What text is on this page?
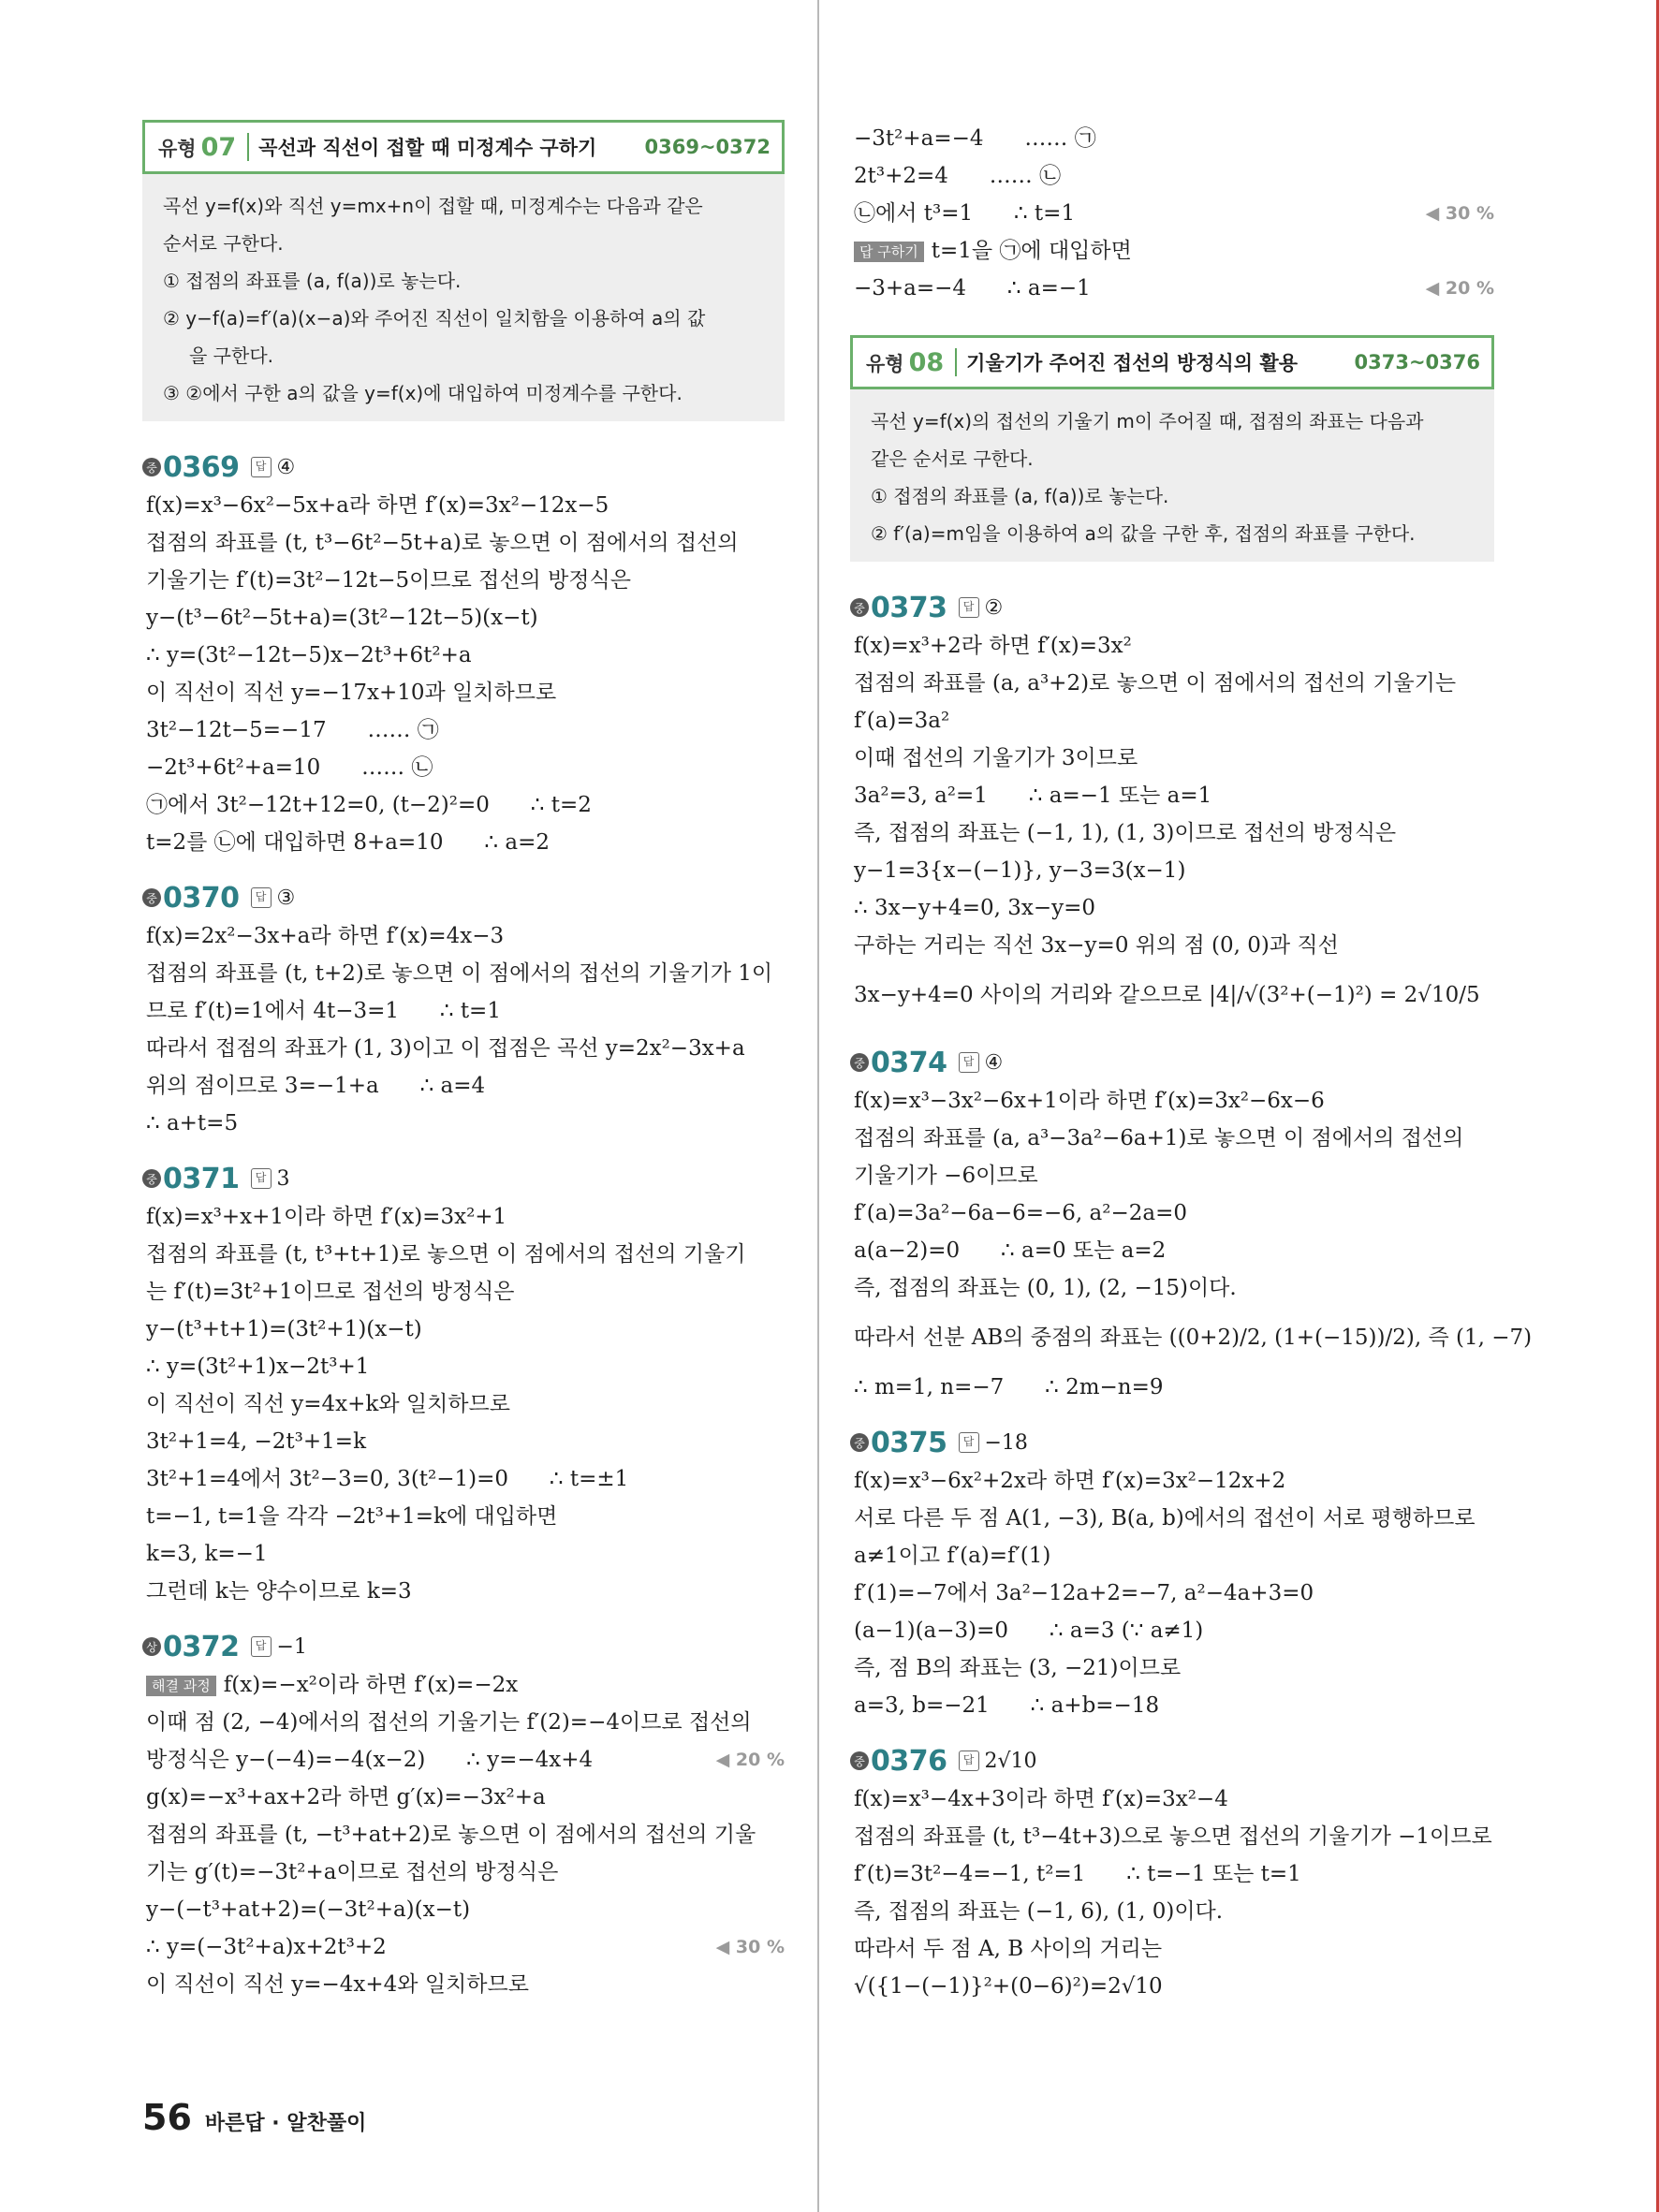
유형 07	곡선과 직선이 접할 때 미정계수 구하기	0369~0372
곡선 y=f(x)와 직선 y=mx+n이 접할 때, 미정계수는 다음과 같은
순서로 구한다.
① 접점의 좌표를 (a, f(a))로 놓는다.
② y−f(a)=f′(a)(x−a)와 주어진 직선이 일치함을 이용하여 a의 값
을 구한다.
③ ②에서 구한 a의 값을 y=f(x)에 대입하여 미정계수를 구한다.
중 0369	답 ④
f(x)=x³−6x²−5x+a라 하면 f′(x)=3x²−12x−5
접점의 좌표를 (t, t³−6t²−5t+a)로 놓으면 이 점에서의 접선의
기울기는 f′(t)=3t²−12t−5이므로 접선의 방정식은
y−(t³−6t²−5t+a)=(3t²−12t−5)(x−t)
∴ y=(3t²−12t−5)x−2t³+6t²+a
이 직선이 직선 y=−17x+10과 일치하므로
3t²−12t−5=−17      …… ㉠
−2t³+6t²+a=10      …… ㉡
㉠에서 3t²−12t+12=0, (t−2)²=0      ∴ t=2
t=2를 ㉡에 대입하면 8+a=10      ∴ a=2
중 0370	답 ③
f(x)=2x²−3x+a라 하면 f′(x)=4x−3
접점의 좌표를 (t, t+2)로 놓으면 이 점에서의 접선의 기울기가 1이
므로 f′(t)=1에서 4t−3=1      ∴ t=1
따라서 접점의 좌표가 (1, 3)이고 이 접점은 곡선 y=2x²−3x+a
위의 점이므로 3=−1+a      ∴ a=4
∴ a+t=5
중 0371	답 3
f(x)=x³+x+1이라 하면 f′(x)=3x²+1
접점의 좌표를 (t, t³+t+1)로 놓으면 이 점에서의 접선의 기울기
는 f′(t)=3t²+1이므로 접선의 방정식은
y−(t³+t+1)=(3t²+1)(x−t)
∴ y=(3t²+1)x−2t³+1
이 직선이 직선 y=4x+k와 일치하므로
3t²+1=4, −2t³+1=k
3t²+1=4에서 3t²−3=0, 3(t²−1)=0      ∴ t=±1
t=−1, t=1을 각각 −2t³+1=k에 대입하면
k=3, k=−1
그런데 k는 양수이므로 k=3
상 0372	답 −1
해결 과정 f(x)=−x²이라 하면 f′(x)=−2x
이때 점 (2, −4)에서의 접선의 기울기는 f′(2)=−4이므로 접선의
◀ 20 %
방정식은 y−(−4)=−4(x−2)      ∴ y=−4x+4
g(x)=−x³+ax+2라 하면 g′(x)=−3x²+a
접점의 좌표를 (t, −t³+at+2)로 놓으면 이 점에서의 접선의 기울
기는 g′(t)=−3t²+a이므로 접선의 방정식은
y−(−t³+at+2)=(−3t²+a)(x−t)
◀ 30 %
∴ y=(−3t²+a)x+2t³+2
이 직선이 직선 y=−4x+4와 일치하므로
−3t²+a=−4      …… ㉠
2t³+2=4      …… ㉡
◀ 30 %
㉡에서 t³=1      ∴ t=1
답 구하기 t=1을 ㉠에 대입하면
◀ 20 %
−3+a=−4      ∴ a=−1
유형 08	기울기가 주어진 접선의 방정식의 활용	0373~0376
곡선 y=f(x)의 접선의 기울기 m이 주어질 때, 접점의 좌표는 다음과
같은 순서로 구한다.
① 접점의 좌표를 (a, f(a))로 놓는다.
② f′(a)=m임을 이용하여 a의 값을 구한 후, 접점의 좌표를 구한다.
중 0373	답 ②
f(x)=x³+2라 하면 f′(x)=3x²
접점의 좌표를 (a, a³+2)로 놓으면 이 점에서의 접선의 기울기는
f′(a)=3a²
이때 접선의 기울기가 3이므로
3a²=3, a²=1      ∴ a=−1 또는 a=1
즉, 접점의 좌표는 (−1, 1), (1, 3)이므로 접선의 방정식은
y−1=3{x−(−1)}, y−3=3(x−1)
∴ 3x−y+4=0, 3x−y=0
구하는 거리는 직선 3x−y=0 위의 점 (0, 0)과 직선
3x−y+4=0 사이의 거리와 같으므로 |4|/√(3²+(−1)²) = 2√10/5
중 0374	답 ④
f(x)=x³−3x²−6x+1이라 하면 f′(x)=3x²−6x−6
접점의 좌표를 (a, a³−3a²−6a+1)로 놓으면 이 점에서의 접선의
기울기가 −6이므로
f′(a)=3a²−6a−6=−6, a²−2a=0
a(a−2)=0      ∴ a=0 또는 a=2
즉, 접점의 좌표는 (0, 1), (2, −15)이다.
따라서 선분 AB의 중점의 좌표는 ((0+2)/2, (1+(−15))/2), 즉 (1, −7)
∴ m=1, n=−7      ∴ 2m−n=9
중 0375	답 −18
f(x)=x³−6x²+2x라 하면 f′(x)=3x²−12x+2
서로 다른 두 점 A(1, −3), B(a, b)에서의 접선이 서로 평행하므로
a≠1이고 f′(a)=f′(1)
f′(1)=−7에서 3a²−12a+2=−7, a²−4a+3=0
(a−1)(a−3)=0      ∴ a=3 (∵ a≠1)
즉, 점 B의 좌표는 (3, −21)이므로
a=3, b=−21      ∴ a+b=−18
중 0376	답 2√10
f(x)=x³−4x+3이라 하면 f′(x)=3x²−4
접점의 좌표를 (t, t³−4t+3)으로 놓으면 접선의 기울기가 −1이므로
f′(t)=3t²−4=−1, t²=1      ∴ t=−1 또는 t=1
즉, 접점의 좌표는 (−1, 6), (1, 0)이다.
따라서 두 점 A, B 사이의 거리는
√({1−(−1)}²+(0−6)²)=2√10
56 바른답 · 알찬풀이
